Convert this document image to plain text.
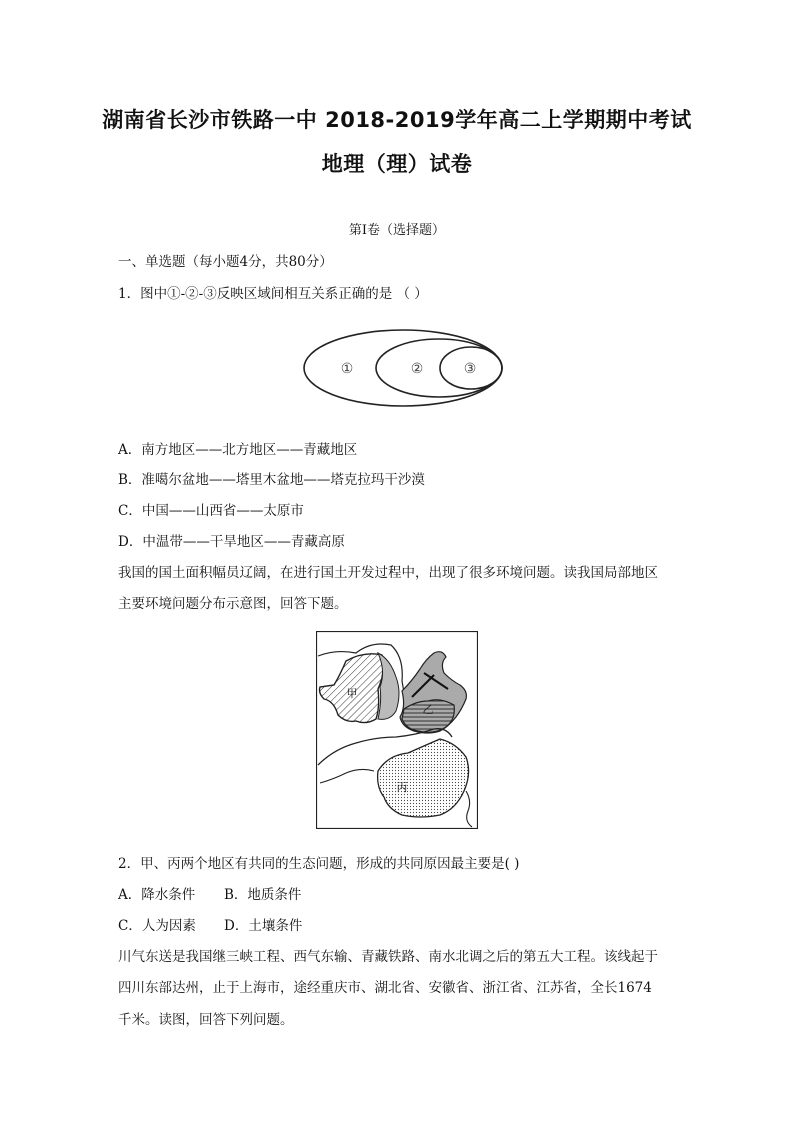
湖南省长沙市铁路一中 2018-2019学年高二上学期期中考试
地理（理）试卷
第I卷（选择题）
一、单选题（每小题4分，共80分）
1．图中①-②-③反映区域间相互关系正确的是 （ ）
①	②	③
A．南方地区——北方地区——青藏地区
B．准噶尔盆地——塔里木盆地——塔克拉玛干沙漠
C．中国——山西省——太原市
D．中温带——干旱地区——青藏高原
我国的国土面积幅员辽阔，在进行国土开发过程中，出现了很多环境问题。读我国局部地区
主要环境问题分布示意图，回答下题。
甲
乙
丙
2．甲、丙两个地区有共同的生态问题，形成的共同原因最主要是( )
A．降水条件 B．地质条件
C．人为因素 D．土壤条件
川气东送是我国继三峡工程、西气东输、青藏铁路、南水北调之后的第五大工程。该线起于
四川东部达州，止于上海市，途经重庆市、湖北省、安徽省、浙江省、江苏省，全长1674
千米。读图，回答下列问题。
